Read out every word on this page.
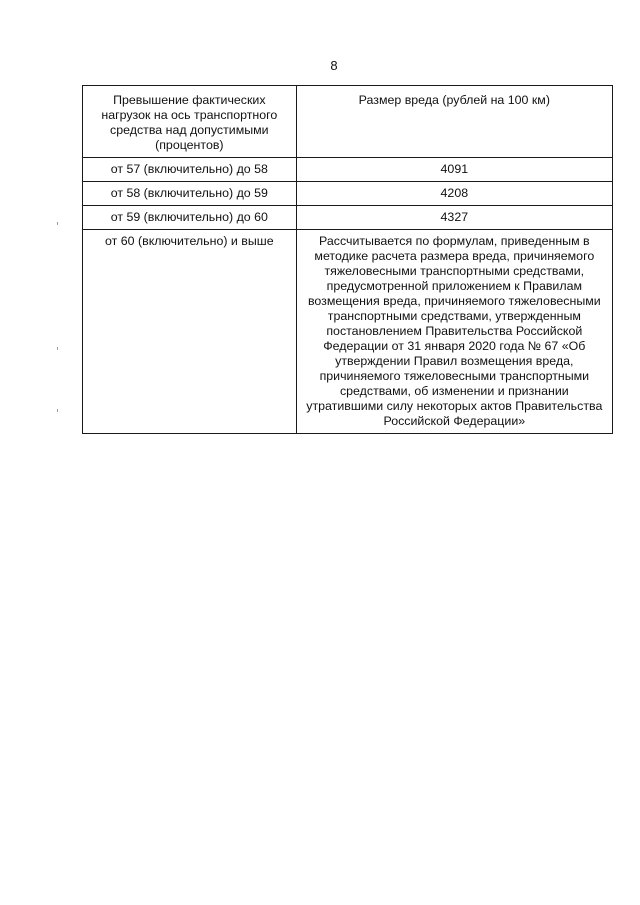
8
Превышение фактических нагрузок на ось транспортного средства над допустимыми (процентов)	Размер вреда (рублей на 100 км)
от 57 (включительно) до 58	4091
от 58 (включительно) до 59	4208
от 59 (включительно) до 60	4327
от 60 (включительно) и выше	Рассчитывается по формулам, приведенным в методике расчета размера вреда, причиняемого тяжеловесными транспортными средствами, предусмотренной приложением к Правилам возмещения вреда, причиняемого тяжеловесными транспортными средствами, утвержденным постановлением Правительства Российской Федерации от 31 января 2020 года № 67 «Об утверждении Правил возмещения вреда, причиняемого тяжеловесными транспортными средствами, об изменении и признании утратившими силу некоторых актов Правительства Российской Федерации»
